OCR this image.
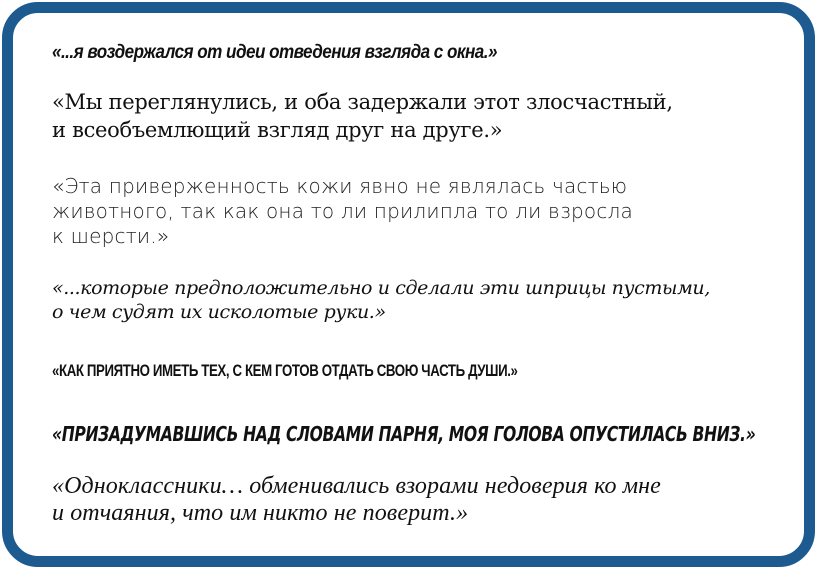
«...я воздержался от идеи отведения взгляда с окна.»

«Мы переглянулись, и оба задержали этот злосчастный,
и всеобъемлющий взгляд друг на друге.»

«Эта приверженность кожи явно не являлась частью
животного, так как она то ли прилипла то ли взросла
к шерсти.»

«...которые предположительно и сделали эти шприцы пустыми,
о чем судят их исколотые руки.»

«КАК ПРИЯТНО ИМЕТЬ ТЕХ, С КЕМ ГОТОВ ОТДАТЬ СВОЮ ЧАСТЬ ДУШИ.»

«ПРИЗАДУМАВШИСЬ НАД СЛОВАМИ ПАРНЯ, МОЯ ГОЛОВА ОПУСТИЛАСЬ ВНИЗ.»

«Одноклассники… обменивались взорами недоверия ко мне
и отчаяния, что им никто не поверит.»
